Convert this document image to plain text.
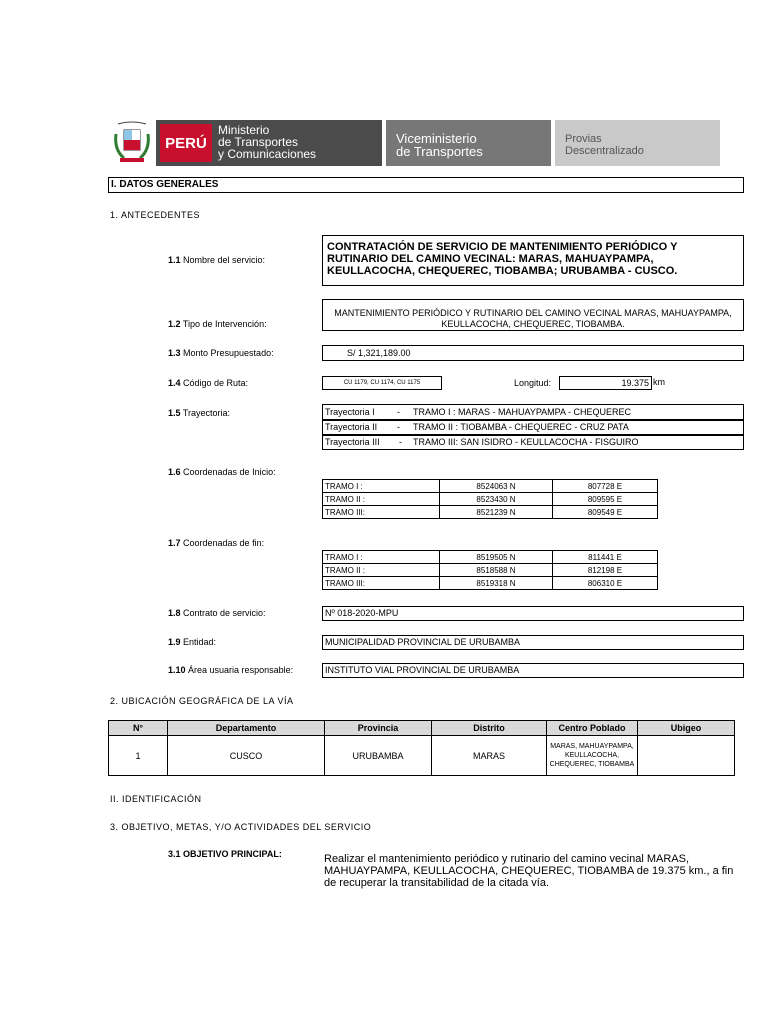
PERÚ
Ministerio
de Transportes
y Comunicaciones
Viceministerio
de Transportes
Provias
Descentralizado
I. DATOS GENERALES
1. ANTECEDENTES
1.1 Nombre del servicio:
CONTRATACIÓN DE SERVICIO DE MANTENIMIENTO PERIÓDICO Y RUTINARIO DEL CAMINO VECINAL: MARAS, MAHUAYPAMPA, KEULLACOCHA, CHEQUEREC, TIOBAMBA; URUBAMBA - CUSCO.
1.2 Tipo de Intervención:
MANTENIMIENTO PERIÓDICO Y RUTINARIO DEL CAMINO VECINAL MARAS, MAHUAYPAMPA, KEULLACOCHA, CHEQUEREC, TIOBAMBA.
1.3 Monto Presupuestado:	S/ 1,321,189.00
1.4 Código de Ruta:	CU 1179, CU 1174, CU 1175	Longitud:	19.375 km
1.5 Trayectoria:	Trayectoria I - TRAMO I : MARAS - MAHUAYPAMPA - CHEQUEREC
Trayectoria II - TRAMO II : TIOBAMBA - CHEQUEREC - CRUZ PATA
Trayectoria III - TRAMO III: SAN ISIDRO - KEULLACOCHA - FISGUIRO
1.6 Coordenadas de Inicio:
TRAMO I :	8524063 N	807728 E
TRAMO II :	8523430 N	809595 E
TRAMO III:	8521239 N	809549 E
1.7 Coordenadas de fin:
TRAMO I :	8519505 N	811441 E
TRAMO II :	8518588 N	812198 E
TRAMO III:	8519318 N	806310 E
1.8 Contrato de servicio:	Nº 018-2020-MPU
1.9 Entidad:	MUNICIPALIDAD PROVINCIAL DE URUBAMBA
1.10 Área usuaria responsable:	INSTITUTO VIAL PROVINCIAL DE URUBAMBA
2. UBICACIÓN GEOGRÁFICA DE LA VÍA
N°	Departamento	Provincia	Distrito	Centro Poblado	Ubigeo
1	CUSCO	URUBAMBA	MARAS	MARAS, MAHUAYPAMPA, KEULLACOCHA, CHEQUEREC, TIOBAMBA	
II. IDENTIFICACIÓN
3. OBJETIVO, METAS, Y/O ACTIVIDADES DEL SERVICIO
3.1 OBJETIVO PRINCIPAL:	Realizar el mantenimiento periódico y rutinario del camino vecinal MARAS, MAHUAYPAMPA, KEULLACOCHA, CHEQUEREC, TIOBAMBA de 19.375 km., a fin de recuperar la transitabilidad de la citada vía.
